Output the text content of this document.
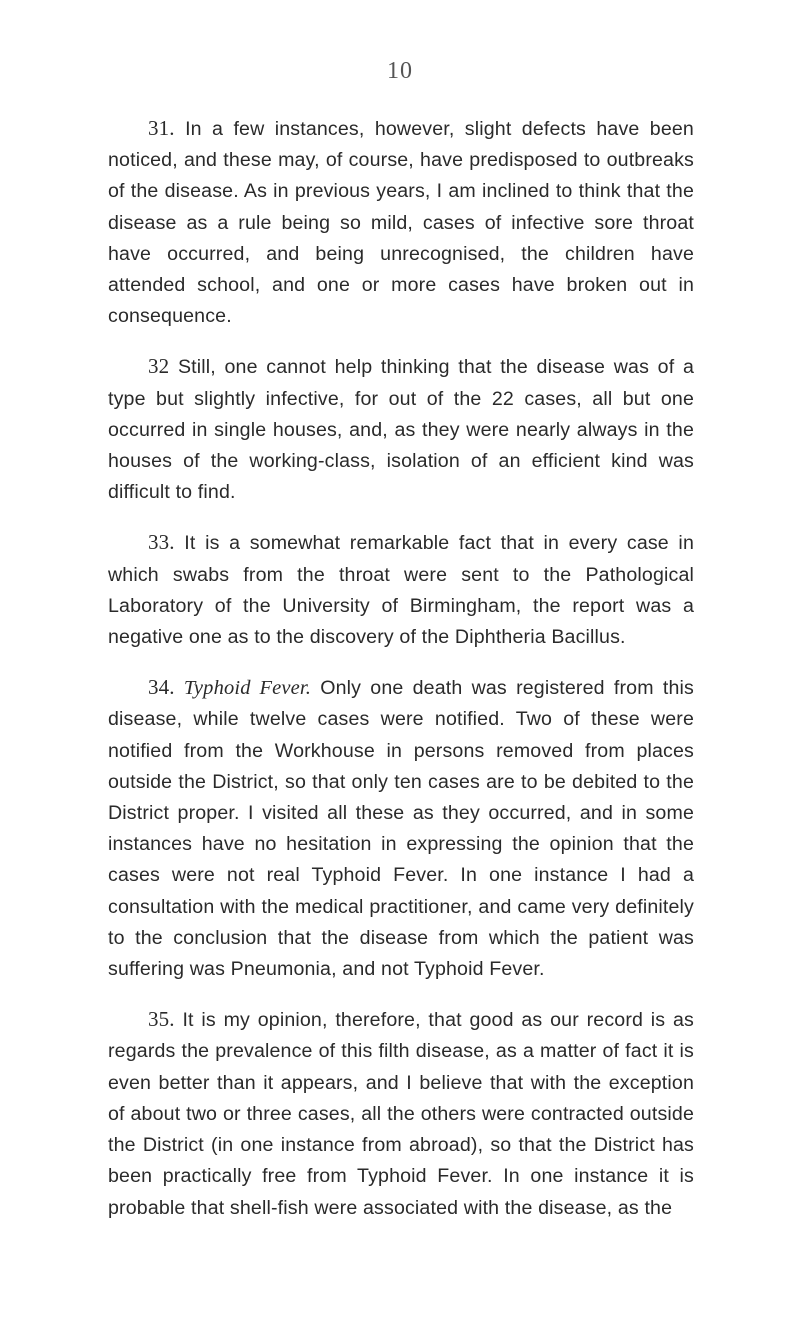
10

31. In a few instances, however, slight defects have been noticed, and these may, of course, have predisposed to outbreaks of the disease. As in previous years, I am inclined to think that the disease as a rule being so mild, cases of infective sore throat have occurred, and being unrecognised, the children have attended school, and one or more cases have broken out in consequence.

32 Still, one cannot help thinking that the disease was of a type but slightly infective, for out of the 22 cases, all but one occurred in single houses, and, as they were nearly always in the houses of the working-class, isolation of an efficient kind was difficult to find.

33. It is a somewhat remarkable fact that in every case in which swabs from the throat were sent to the Pathological Laboratory of the University of Birmingham, the report was a negative one as to the discovery of the Diphtheria Bacillus.

34. Typhoid Fever. Only one death was registered from this disease, while twelve cases were notified. Two of these were notified from the Workhouse in persons removed from places outside the District, so that only ten cases are to be debited to the District proper. I visited all these as they occurred, and in some instances have no hesitation in expressing the opinion that the cases were not real Typhoid Fever. In one instance I had a consultation with the medical practitioner, and came very definitely to the conclusion that the disease from which the patient was suffering was Pneumonia, and not Typhoid Fever.

35. It is my opinion, therefore, that good as our record is as regards the prevalence of this filth disease, as a matter of fact it is even better than it appears, and I believe that with the exception of about two or three cases, all the others were contracted outside the District (in one instance from abroad), so that the District has been practically free from Typhoid Fever. In one instance it is probable that shell-fish were associated with the disease, as the
